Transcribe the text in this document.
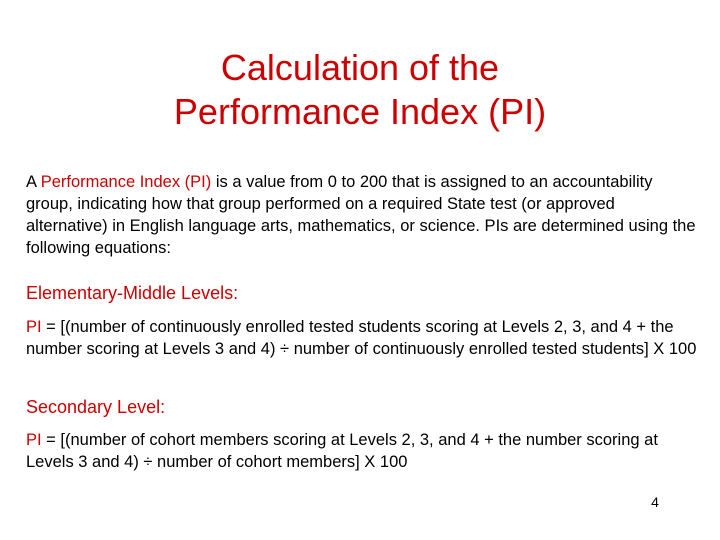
Calculation of the
Performance Index (PI)

A Performance Index (PI) is a value from 0 to 200 that is assigned to an accountability group, indicating how that group performed on a required State test (or approved alternative) in English language arts, mathematics, or science. PIs are determined using the following equations:

Elementary-Middle Levels:

PI = [(number of continuously enrolled tested students scoring at Levels 2, 3, and 4 + the number scoring at Levels 3 and 4) ÷ number of continuously enrolled tested students] X 100

Secondary Level:

PI = [(number of cohort members scoring at Levels 2, 3, and 4 + the number scoring at Levels 3 and 4) ÷ number of cohort members] X 100

4
